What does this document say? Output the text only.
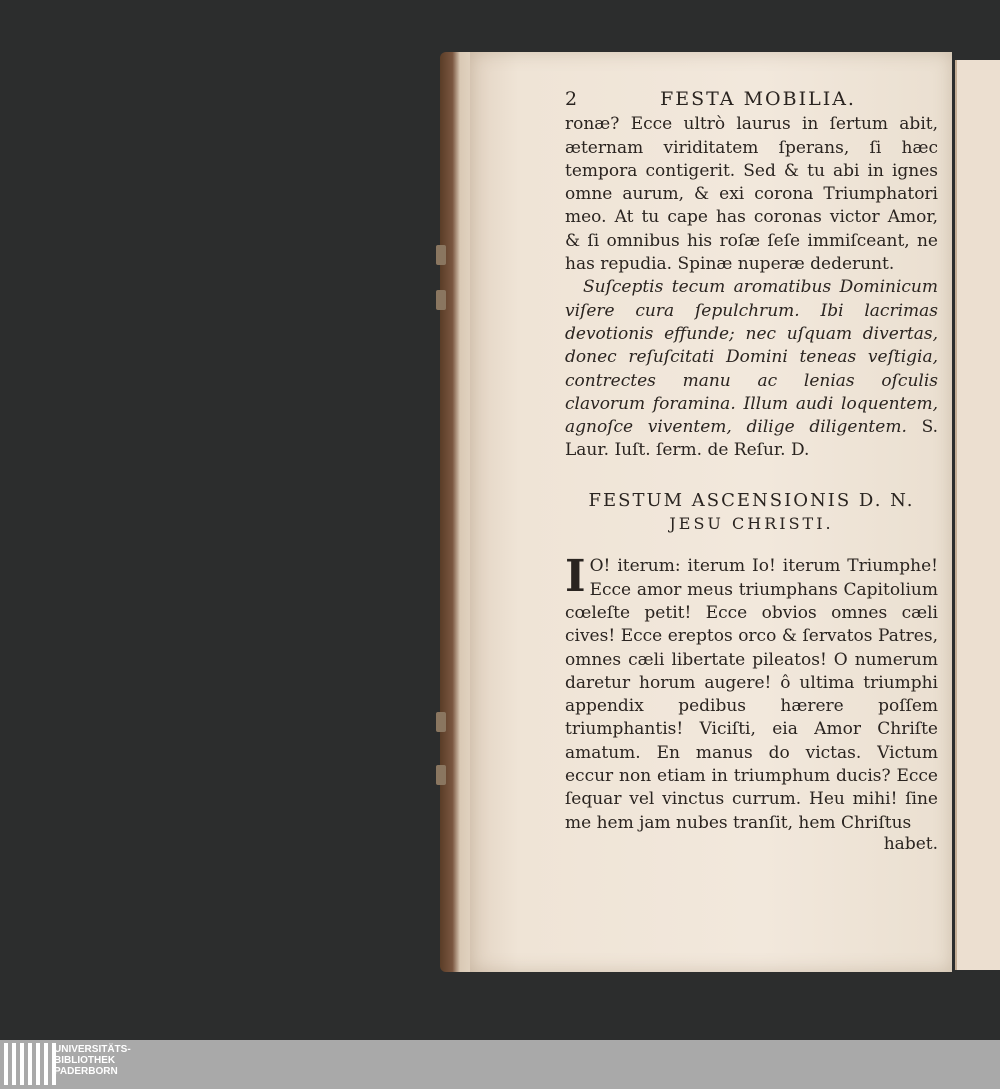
2	FESTA MOBILIA.

ronæ? Ecce ultrò laurus in ſertum abit, æternam viriditatem ſperans, ſi hæc tempora contigerit. Sed & tu abi in ignes omne aurum, & exi corona Triumphatori meo. At tu cape has coronas victor Amor, & ſi omnibus his roſæ ſeſe immiſceant, ne has repudia. Spinæ nuperæ dederunt.

Suſceptis tecum aromatibus Dominicum viſere cura ſepulchrum. Ibi lacrimas devotionis effunde; nec uſquam divertas, donec reſuſcitati Domini teneas veſtigia, contrectes manu ac lenias oſculis clavorum foramina. Illum audi loquentem, agnoſce viventem, dilige diligentem. S. Laur. Iuſt. ſerm. de Reſur. D.

FESTUM ASCENSIONIS D. N.
JESU CHRISTI.

I O! iterum: iterum Io! iterum Triumphe! Ecce amor meus triumphans Capitolium cœleſte petit! Ecce obvios omnes cæli cives! Ecce ereptos orco & ſervatos Patres, omnes cæli libertate pileatos! O numerum daretur horum augere! ô ultima triumphi appendix pedibus hærere poſſem triumphantis! Viciſti, eia Amor Chriſte amatum. En manus do victas. Victum eccur non etiam in triumphum ducis? Ecce ſequar vel vinctus currum. Heu mihi! ſine me hem jam nubes tranſit, hem Chriſtus

habet.
UNIVERSITÄTS-
BIBLIOTHEK
PADERBORN
